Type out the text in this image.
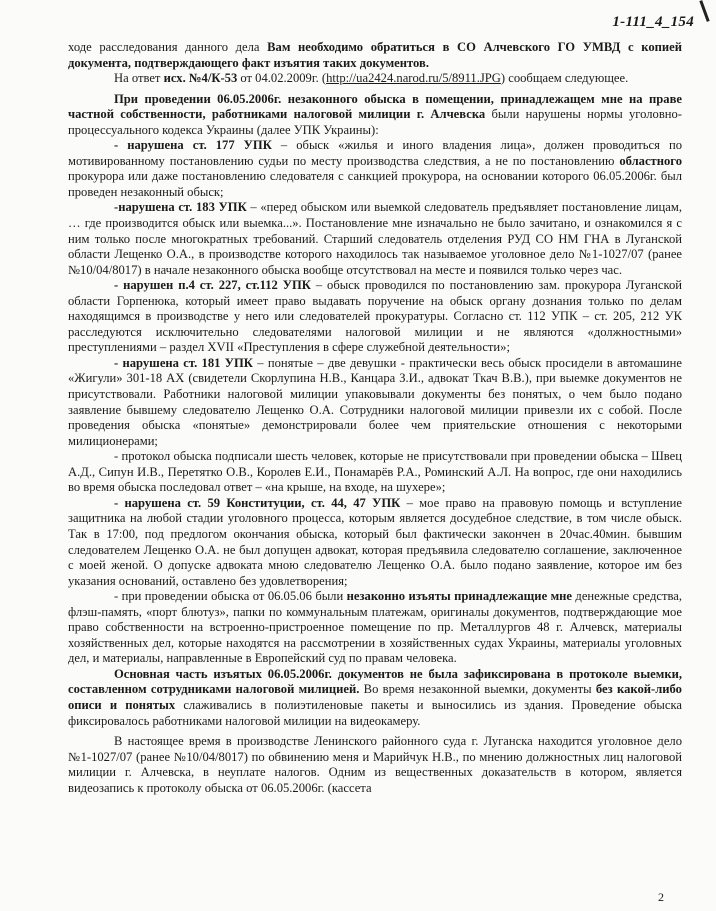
1-111_4_154

ходе расследования данного дела Вам необходимо обратиться в СО Алчевского ГО УМВД с копией документа, подтверждающего факт изъятия таких документов.

На ответ исх. №4/К-53 от 04.02.2009г. (http://ua2424.narod.ru/5/8911.JPG) сообщаем следующее.

При проведении 06.05.2006г. незаконного обыска в помещении, принадлежащем мне на праве частной собственности, работниками налоговой милиции г. Алчевска были нарушены нормы уголовно-процессуального кодекса Украины (далее УПК Украины):

- нарушена ст. 177 УПК – обыск «жилья и иного владения лица», должен проводиться по мотивированному постановлению судьи по месту производства следствия, а не по постановлению областного прокурора или даже постановлению следователя с санкцией прокурора, на основании которого 06.05.2006г. был проведен незаконный обыск;

-нарушена ст. 183 УПК – «перед обыском или выемкой следователь предъявляет постановление лицам, … где производится обыск или выемка...». Постановление мне изначально не было зачитано, и ознакомился я с ним только после многократных требований. Старший следователь отделения РУД СО НМ ГНА в Луганской области Лещенко О.А., в производстве которого находилось так называемое уголовное дело №1-1027/07 (ранее №10/04/8017) в начале незаконного обыска вообще отсутствовал на месте и появился только через час.

- нарушен п.4 ст. 227, ст.112 УПК – обыск проводился по постановлению зам. прокурора Луганской области Горпенюка, который имеет право выдавать поручение на обыск органу дознания только по делам находящимся в производстве у него или следователей прокуратуры. Согласно ст. 112 УПК – ст. 205, 212 УК расследуются исключительно следователями налоговой милиции и не являются «должностными» преступлениями – раздел XVII «Преступления в сфере служебной деятельности»;

- нарушена ст. 181 УПК – понятые – две девушки - практически весь обыск просидели в автомашине «Жигули» 301-18 АХ (свидетели Скорлупина Н.В., Канцара З.И., адвокат Ткач В.В.), при выемке документов не присутствовали. Работники налоговой милиции упаковывали документы без понятых, о чем было подано заявление бывшему следователю Лещенко О.А. Сотрудники налоговой милиции привезли их с собой. После проведения обыска «понятые» демонстрировали более чем приятельские отношения с некоторыми милиционерами;

- протокол обыска подписали шесть человек, которые не присутствовали при проведении обыска – Швец А.Д., Сипун И.В., Перетятко О.В., Королев Е.И., Понамарёв Р.А., Роминский А.Л. На вопрос, где они находились во время обыска последовал ответ – «на крыше, на входе, на шухере»;

- нарушена ст. 59 Конституции, ст. 44, 47 УПК – мое право на правовую помощь и вступление защитника на любой стадии уголовного процесса, которым является досудебное следствие, в том числе обыск. Так в 17:00, под предлогом окончания обыска, который был фактически закончен в 20час.40мин. бывшим следователем Лещенко О.А. не был допущен адвокат, которая предъявила следователю соглашение, заключенное с моей женой. О допуске адвоката мною следователю Лещенко О.А. было подано заявление, которое им без указания оснований, оставлено без удовлетворения;

- при проведении обыска от 06.05.06 были незаконно изъяты принадлежащие мне денежные средства, флэш-память, «порт блютуз», папки по коммунальным платежам, оригиналы документов, подтверждающие мое право собственности на встроенно-пристроенное помещение по пр. Металлургов 48 г. Алчевск, материалы хозяйственных дел, которые находятся на рассмотрении в хозяйственных судах Украины, материалы уголовных дел, и материалы, направленные в Европейский суд по правам человека.

Основная часть изъятых 06.05.2006г. документов не была зафиксирована в протоколе выемки, составленном сотрудниками налоговой милицией. Во время незаконной выемки, документы без какой-либо описи и понятых слаживались в полиэтиленовые пакеты и выносились из здания. Проведение обыска фиксировалось работниками налоговой милиции на видеокамеру.

В настоящее время в производстве Ленинского районного суда г. Луганска находится уголовное дело №1-1027/07 (ранее №10/04/8017) по обвинению меня и Марийчук Н.В., по мнению должностных лиц налоговой милиции г. Алчевска, в неуплате налогов. Одним из вещественных доказательств в котором, является видеозапись к протоколу обыска от 06.05.2006г. (кассета

2
